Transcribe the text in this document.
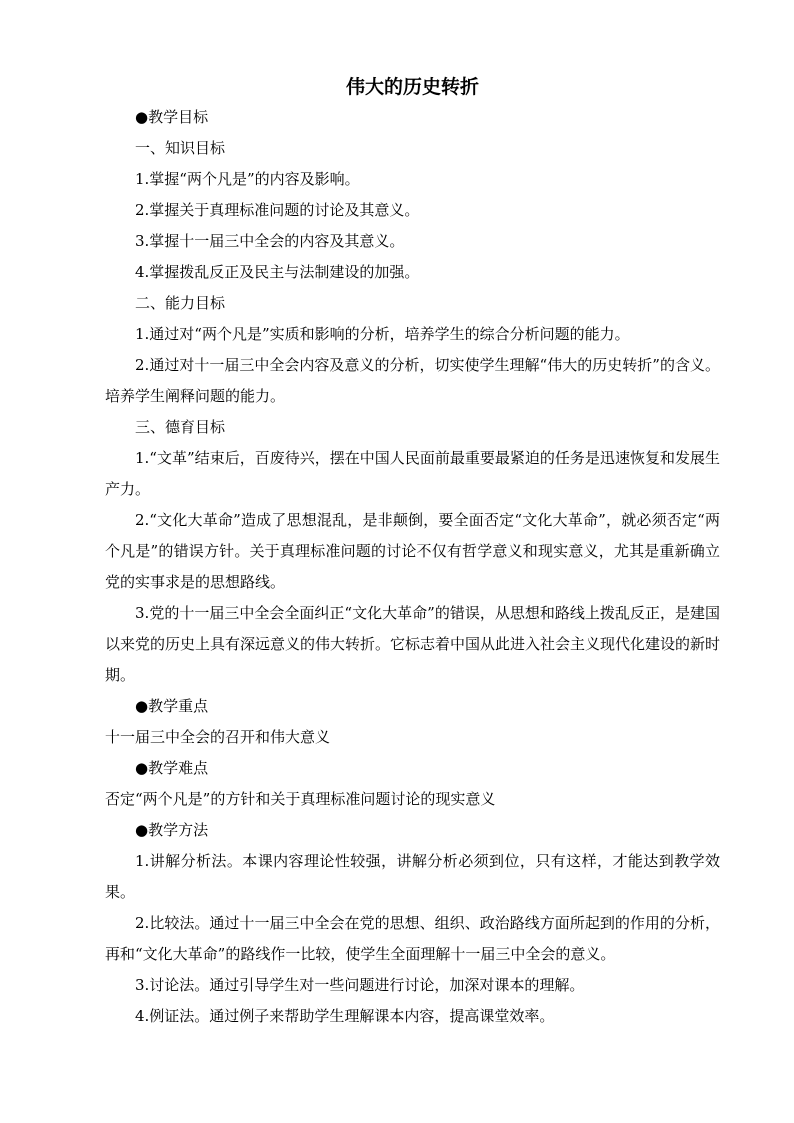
伟大的历史转折

●教学目标

一、知识目标

1.掌握“两个凡是”的内容及影响。

2.掌握关于真理标准问题的讨论及其意义。

3.掌握十一届三中全会的内容及其意义。

4.掌握拨乱反正及民主与法制建设的加强。

二、能力目标

1.通过对“两个凡是”实质和影响的分析，培养学生的综合分析问题的能力。

2.通过对十一届三中全会内容及意义的分析，切实使学生理解“伟大的历史转折”的含义。培养学生阐释问题的能力。

三、德育目标

1.“文革”结束后，百废待兴，摆在中国人民面前最重要最紧迫的任务是迅速恢复和发展生产力。

2.“文化大革命”造成了思想混乱，是非颠倒，要全面否定“文化大革命”，就必须否定“两个凡是”的错误方针。关于真理标准问题的讨论不仅有哲学意义和现实意义，尤其是重新确立党的实事求是的思想路线。

3.党的十一届三中全会全面纠正“文化大革命”的错误，从思想和路线上拨乱反正，是建国以来党的历史上具有深远意义的伟大转折。它标志着中国从此进入社会主义现代化建设的新时期。

●教学重点

十一届三中全会的召开和伟大意义

●教学难点

否定“两个凡是”的方针和关于真理标准问题讨论的现实意义

●教学方法

1.讲解分析法。本课内容理论性较强，讲解分析必须到位，只有这样，才能达到教学效果。

2.比较法。通过十一届三中全会在党的思想、组织、政治路线方面所起到的作用的分析，再和“文化大革命”的路线作一比较，使学生全面理解十一届三中全会的意义。

3.讨论法。通过引导学生对一些问题进行讨论，加深对课本的理解。

4.例证法。通过例子来帮助学生理解课本内容，提高课堂效率。
